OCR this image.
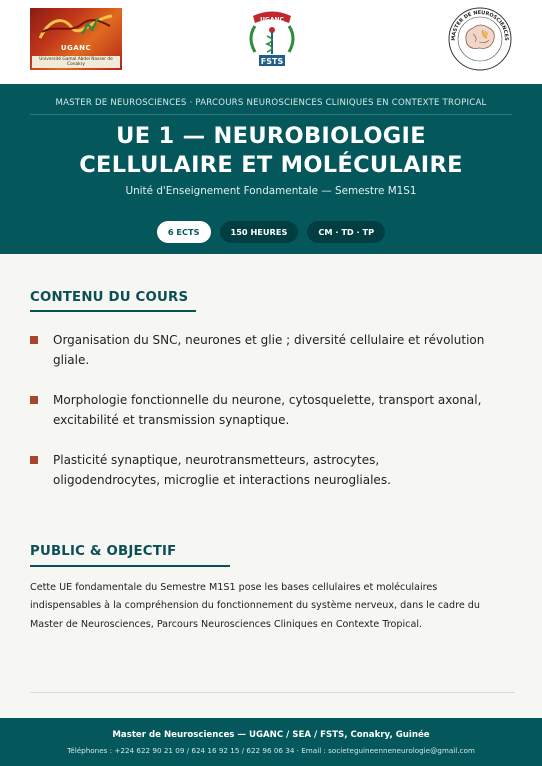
UGANC
Université Gamal Abdel Nasser de Conakry
UGANC
FSTS
MASTER DE NEUROSCIENCES
MASTER DE NEUROSCIENCES · PARCOURS NEUROSCIENCES CLINIQUES EN CONTEXTE TROPICAL
UE 1 — NEUROBIOLOGIE
CELLULAIRE ET MOLÉCULAIRE
Unité d'Enseignement Fondamentale — Semestre M1S1
6 ECTS	150 HEURES	CM · TD · TP
CONTENU DU COURS
Organisation du SNC, neurones et glie ; diversité cellulaire et révolution gliale.
Morphologie fonctionnelle du neurone, cytosquelette, transport axonal, excitabilité et transmission synaptique.
Plasticité synaptique, neurotransmetteurs, astrocytes, oligodendrocytes, microglie et interactions neurogliales.
PUBLIC & OBJECTIF

Cette UE fondamentale du Semestre M1S1 pose les bases cellulaires et moléculaires indispensables à la compréhension du fonctionnement du système nerveux, dans le cadre du Master de Neurosciences, Parcours Neurosciences Cliniques en Contexte Tropical.

Master de Neurosciences — UGANC / SEA / FSTS, Conakry, Guinée
Téléphones : +224 622 90 21 09 / 624 16 92 15 / 622 96 06 34 · Email : societeguineenneneurologie@gmail.com
